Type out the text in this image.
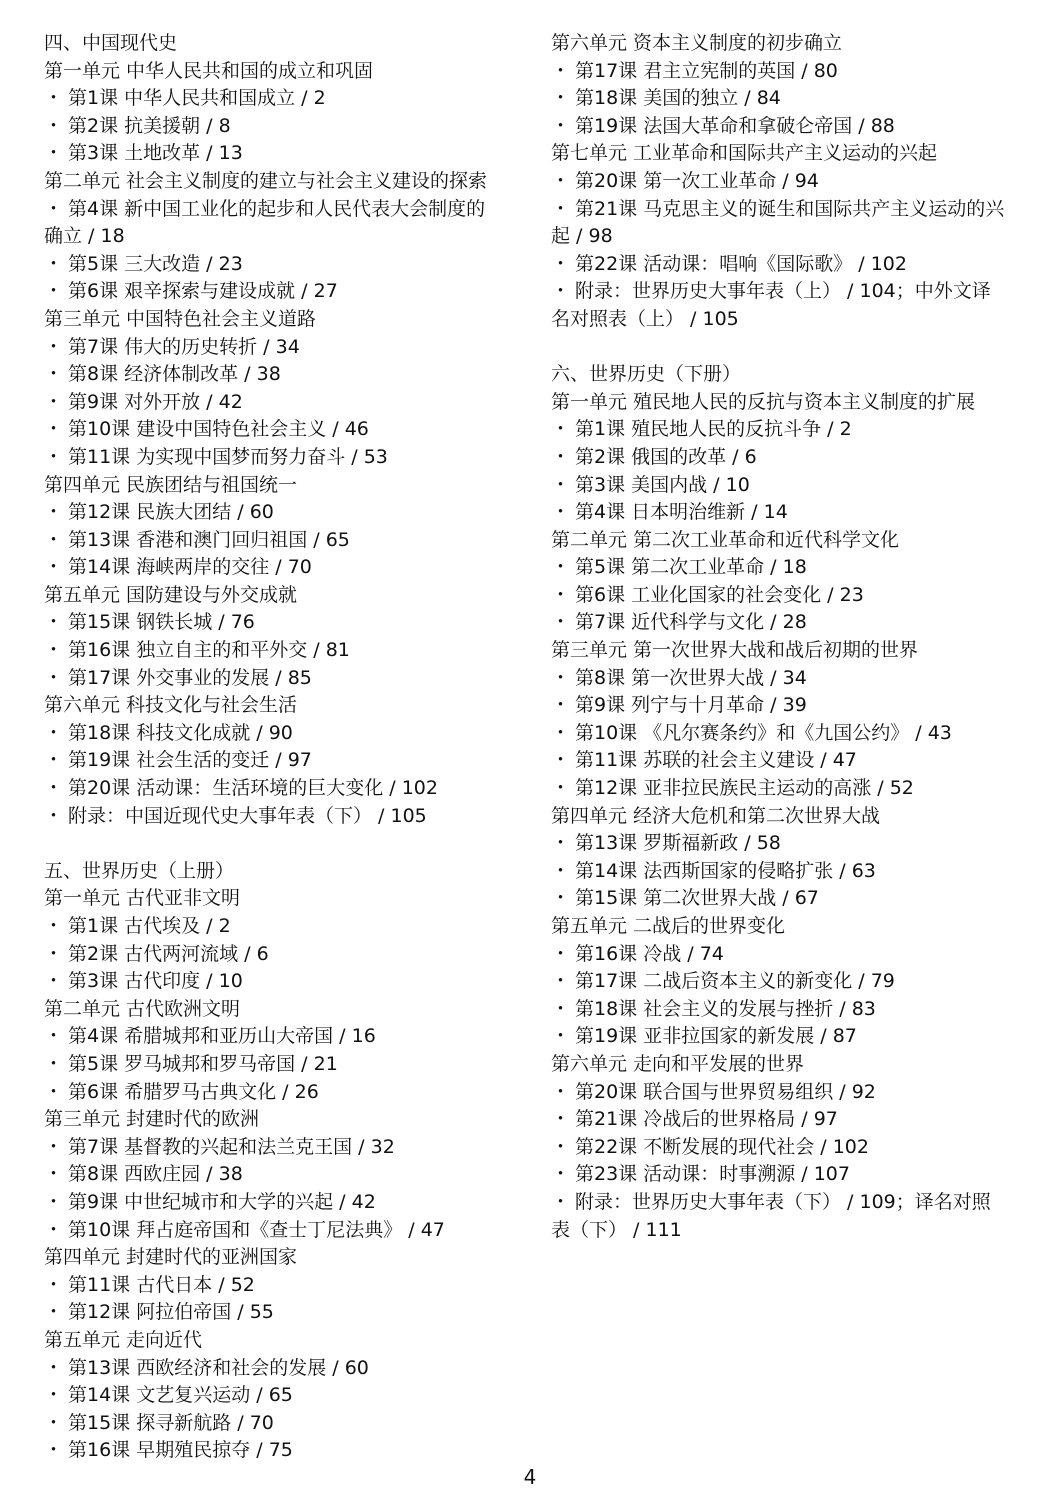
四、中国现代史
第一单元 中华人民共和国的成立和巩固
・ 第1课 中华人民共和国成立 / 2
・ 第2课 抗美援朝 / 8
・ 第3课 土地改革 / 13
第二单元 社会主义制度的建立与社会主义建设的探索
・ 第4课 新中国工业化的起步和人民代表大会制度的
确立 / 18
・ 第5课 三大改造 / 23
・ 第6课 艰辛探索与建设成就 / 27
第三单元 中国特色社会主义道路
・ 第7课 伟大的历史转折 / 34
・ 第8课 经济体制改革 / 38
・ 第9课 对外开放 / 42
・ 第10课 建设中国特色社会主义 / 46
・ 第11课 为实现中国梦而努力奋斗 / 53
第四单元 民族团结与祖国统一
・ 第12课 民族大团结 / 60
・ 第13课 香港和澳门回归祖国 / 65
・ 第14课 海峡两岸的交往 / 70
第五单元 国防建设与外交成就
・ 第15课 钢铁长城 / 76
・ 第16课 独立自主的和平外交 / 81
・ 第17课 外交事业的发展 / 85
第六单元 科技文化与社会生活
・ 第18课 科技文化成就 / 90
・ 第19课 社会生活的变迁 / 97
・ 第20课 活动课：生活环境的巨大变化 / 102
・ 附录：中国近现代史大事年表（下） / 105
五、世界历史（上册）
第一单元 古代亚非文明
・ 第1课 古代埃及 / 2
・ 第2课 古代两河流域 / 6
・ 第3课 古代印度 / 10
第二单元 古代欧洲文明
・ 第4课 希腊城邦和亚历山大帝国 / 16
・ 第5课 罗马城邦和罗马帝国 / 21
・ 第6课 希腊罗马古典文化 / 26
第三单元 封建时代的欧洲
・ 第7课 基督教的兴起和法兰克王国 / 32
・ 第8课 西欧庄园 / 38
・ 第9课 中世纪城市和大学的兴起 / 42
・ 第10课 拜占庭帝国和《查士丁尼法典》 / 47
第四单元 封建时代的亚洲国家
・ 第11课 古代日本 / 52
・ 第12课 阿拉伯帝国 / 55
第五单元 走向近代
・ 第13课 西欧经济和社会的发展 / 60
・ 第14课 文艺复兴运动 / 65
・ 第15课 探寻新航路 / 70
・ 第16课 早期殖民掠夺 / 75
第六单元 资本主义制度的初步确立
・ 第17课 君主立宪制的英国 / 80
・ 第18课 美国的独立 / 84
・ 第19课 法国大革命和拿破仑帝国 / 88
第七单元 工业革命和国际共产主义运动的兴起
・ 第20课 第一次工业革命 / 94
・ 第21课 马克思主义的诞生和国际共产主义运动的兴
起 / 98
・ 第22课 活动课：唱响《国际歌》 / 102
・ 附录：世界历史大事年表（上） / 104；中外文译
名对照表（上） / 105
六、世界历史（下册）
第一单元 殖民地人民的反抗与资本主义制度的扩展
・ 第1课 殖民地人民的反抗斗争 / 2
・ 第2课 俄国的改革 / 6
・ 第3课 美国内战 / 10
・ 第4课 日本明治维新 / 14
第二单元 第二次工业革命和近代科学文化
・ 第5课 第二次工业革命 / 18
・ 第6课 工业化国家的社会变化 / 23
・ 第7课 近代科学与文化 / 28
第三单元 第一次世界大战和战后初期的世界
・ 第8课 第一次世界大战 / 34
・ 第9课 列宁与十月革命 / 39
・ 第10课 《凡尔赛条约》和《九国公约》 / 43
・ 第11课 苏联的社会主义建设 / 47
・ 第12课 亚非拉民族民主运动的高涨 / 52
第四单元 经济大危机和第二次世界大战
・ 第13课 罗斯福新政 / 58
・ 第14课 法西斯国家的侵略扩张 / 63
・ 第15课 第二次世界大战 / 67
第五单元 二战后的世界变化
・ 第16课 冷战 / 74
・ 第17课 二战后资本主义的新变化 / 79
・ 第18课 社会主义的发展与挫折 / 83
・ 第19课 亚非拉国家的新发展 / 87
第六单元 走向和平发展的世界
・ 第20课 联合国与世界贸易组织 / 92
・ 第21课 冷战后的世界格局 / 97
・ 第22课 不断发展的现代社会 / 102
・ 第23课 活动课：时事溯源 / 107
・ 附录：世界历史大事年表（下） / 109；译名对照
表（下） / 111
4
